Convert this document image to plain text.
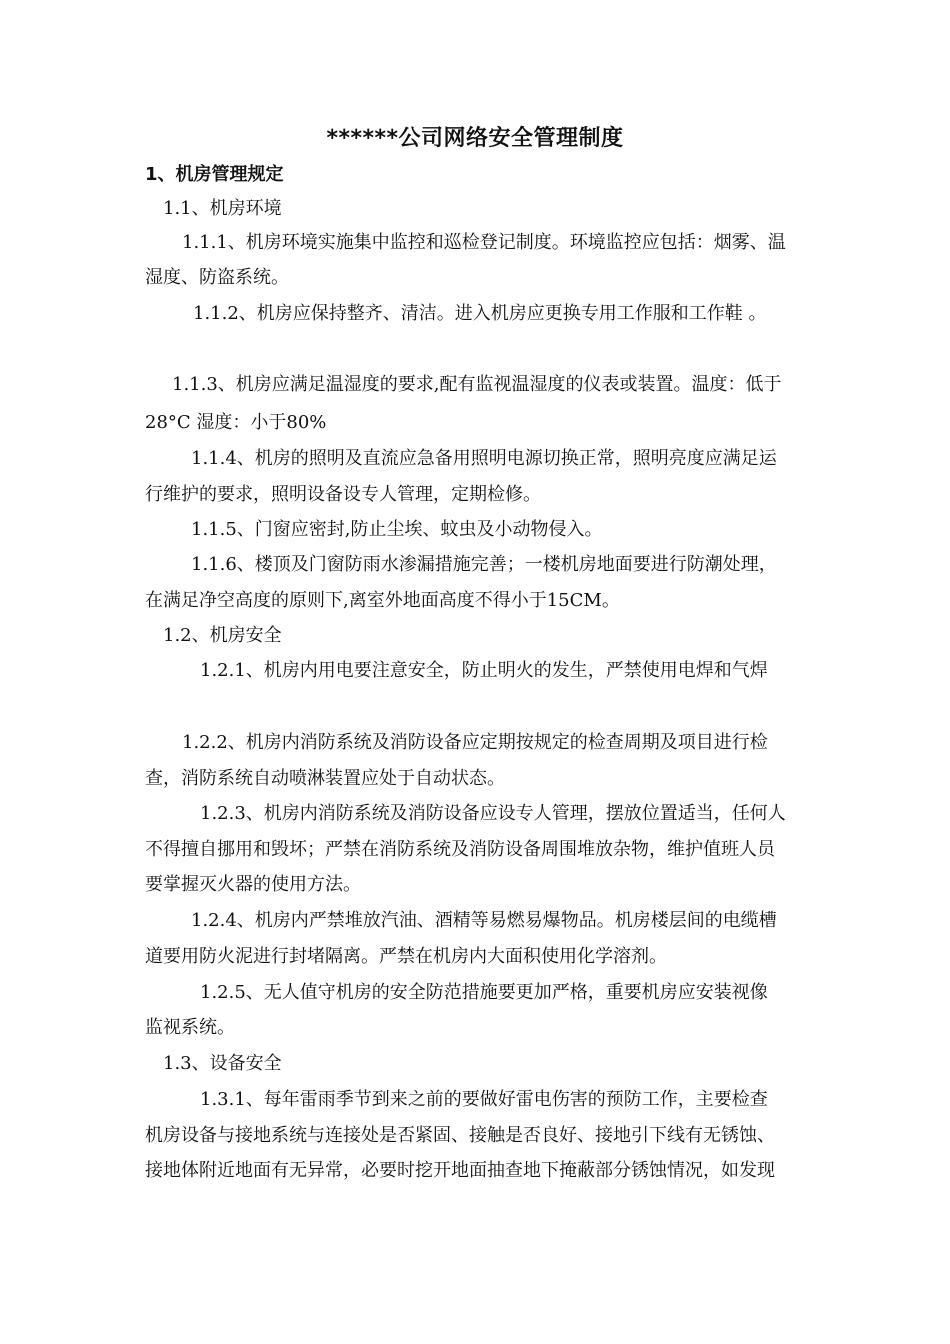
******公司网络安全管理制度
1、机房管理规定
1.1、机房环境
1.1.1、机房环境实施集中监控和巡检登记制度。环境监控应包括：烟雾、温
湿度、防盗系统。
1.1.2、机房应保持整齐、清洁。进入机房应更换专用工作服和工作鞋 。
1.1.3、机房应满足温湿度的要求,配有监视温湿度的仪表或装置。温度：低于
28°C 湿度：小于80%
1.1.4、机房的照明及直流应急备用照明电源切换正常，照明亮度应满足运
行维护的要求，照明设备设专人管理，定期检修。
1.1.5、门窗应密封,防止尘埃、蚊虫及小动物侵入。
1.1.6、楼顶及门窗防雨水渗漏措施完善；一楼机房地面要进行防潮处理，
在满足净空高度的原则下,离室外地面高度不得小于15CM。
1.2、机房安全
1.2.1、机房内用电要注意安全，防止明火的发生，严禁使用电焊和气焊
1.2.2、机房内消防系统及消防设备应定期按规定的检查周期及项目进行检
查，消防系统自动喷淋装置应处于自动状态。
1.2.3、机房内消防系统及消防设备应设专人管理，摆放位置适当，任何人
不得擅自挪用和毁坏；严禁在消防系统及消防设备周围堆放杂物，维护值班人员
要掌握灭火器的使用方法。
1.2.4、机房内严禁堆放汽油、酒精等易燃易爆物品。机房楼层间的电缆槽
道要用防火泥进行封堵隔离。严禁在机房内大面积使用化学溶剂。
1.2.5、无人值守机房的安全防范措施要更加严格，重要机房应安装视像
监视系统。
1.3、设备安全
1.3.1、每年雷雨季节到来之前的要做好雷电伤害的预防工作，主要检查
机房设备与接地系统与连接处是否紧固、接触是否良好、接地引下线有无锈蚀、
接地体附近地面有无异常，必要时挖开地面抽查地下掩蔽部分锈蚀情况，如发现
